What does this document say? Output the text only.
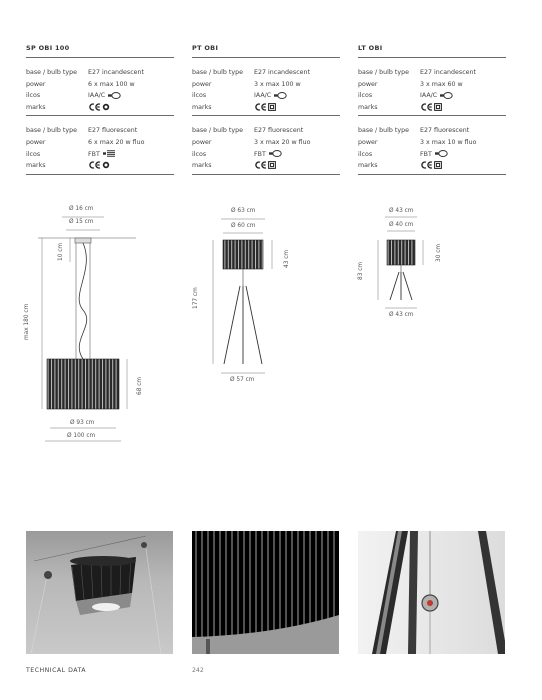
SP OBI 100
base / bulb type	E27 incandescent
power	6 x max 100 w
ilcos	IAA/C
marks
base / bulb type	E27 fluorescent
power	6 x max 20 w fluo
ilcos	FBT
marks
PT OBI
base / bulb type	E27 incandescent
power	3 x max 100 w
ilcos	IAA/C
marks
base / bulb type	E27 fluorescent
power	3 x max 20 w fluo
ilcos	FBT
marks
LT OBI
base / bulb type	E27 incandescent
power	3 x max 60 w
ilcos	IAA/C
marks
base / bulb type	E27 fluorescent
power	3 x max 10 w fluo
ilcos	FBT
marks
Ø 16 cm
Ø 15 cm
10 cm
max 180 cm
68 cm
Ø 93 cm
Ø 100 cm
Ø 63 cm
Ø 60 cm
43 cm
177 cm
Ø 57 cm
Ø 43 cm
Ø 40 cm
30 cm
83 cm
Ø 43 cm
TECHNICAL DATA	242
